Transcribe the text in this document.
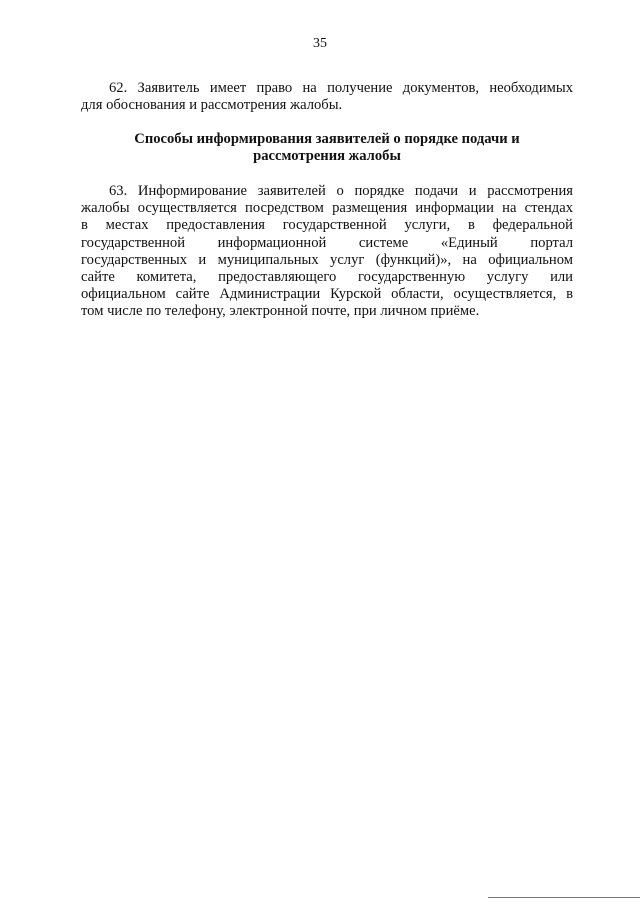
35

62. Заявитель имеет право на получение документов, необходимых
для обоснования и рассмотрения жалобы.

Способы информирования заявителей о порядке подачи и
рассмотрения жалобы

63. Информирование заявителей о порядке подачи и рассмотрения
жалобы осуществляется посредством размещения информации на стендах
в местах предоставления государственной услуги, в федеральной
государственной информационной системе «Единый портал
государственных и муниципальных услуг (функций)», на официальном
сайте комитета, предоставляющего государственную услугу или
официальном сайте Администрации Курской области, осуществляется, в
том числе по телефону, электронной почте, при личном приёме.
